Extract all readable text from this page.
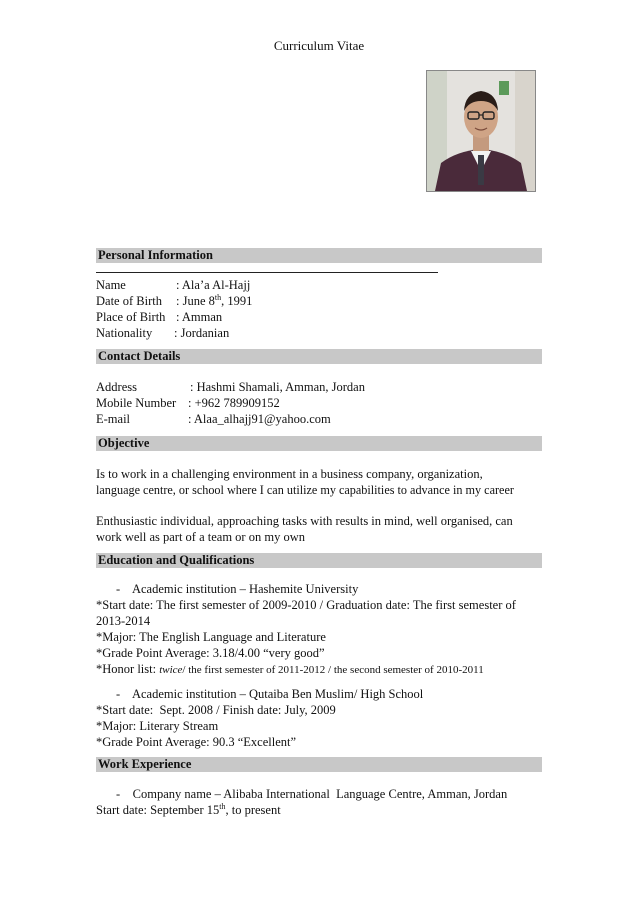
Curriculum Vitae
Personal Information
Name	: Ala’a Al-Hajj
Date of Birth : June 8th, 1991
Place of Birth : Amman
Nationality : Jordanian
Contact Details
Address	: Hashmi Shamali, Amman, Jordan
Mobile Number : +962 789909152
E-mail	: Alaa_alhajj91@yahoo.com
Objective
Is to work in a challenging environment in a business company, organization,
language centre, or school where I can utilize my capabilities to advance in my career
Enthusiastic individual, approaching tasks with results in mind, well organised, can
work well as part of a team or on my own
Education and Qualifications
-    Academic institution – Hashemite University
*Start date: The first semester of 2009-2010 / Graduation date: The first semester of
2013-2014
*Major: The English Language and Literature
*Grade Point Average: 3.18/4.00 “very good”
*Honor list: twice/ the first semester of 2011-2012 / the second semester of 2010-2011
-    Academic institution – Qutaiba Ben Muslim/ High School
*Start date:  Sept. 2008 / Finish date: July, 2009
*Major: Literary Stream
*Grade Point Average: 90.3 “Excellent”
Work Experience
-    Company name – Alibaba International  Language Centre, Amman, Jordan
Start date: September 15th, to present
